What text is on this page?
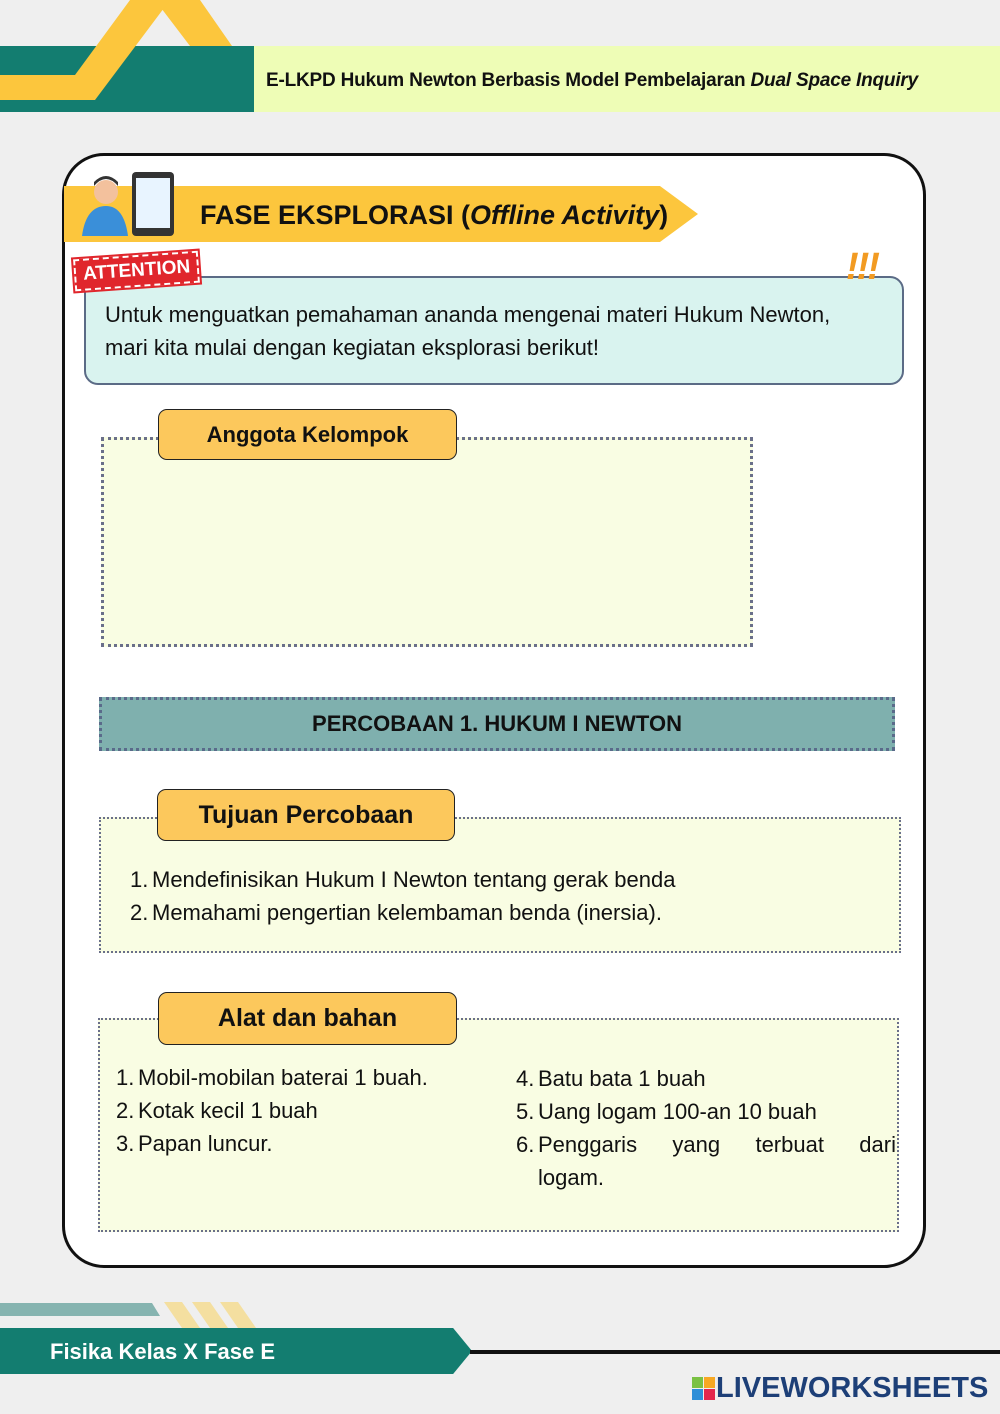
E-LKPD Hukum Newton Berbasis Model Pembelajaran Dual Space Inquiry
FASE EKSPLORASI (Offline Activity)
ATTENTION	!!!
Untuk menguatkan pemahaman ananda mengenai materi Hukum Newton, mari kita mulai dengan kegiatan eksplorasi berikut!
Anggota Kelompok
PERCOBAAN 1. HUKUM I NEWTON
Tujuan Percobaan
1. Mendefinisikan Hukum I Newton tentang gerak benda
2. Memahami pengertian kelembaman benda (inersia).
Alat dan bahan
1. Mobil-mobilan baterai 1 buah.
2. Kotak kecil 1 buah
3. Papan luncur.
4. Batu bata 1 buah
5. Uang logam 100-an 10 buah
6. Penggaris yang terbuat dari logam.
Fisika Kelas X Fase E
LIVEWORKSHEETS
